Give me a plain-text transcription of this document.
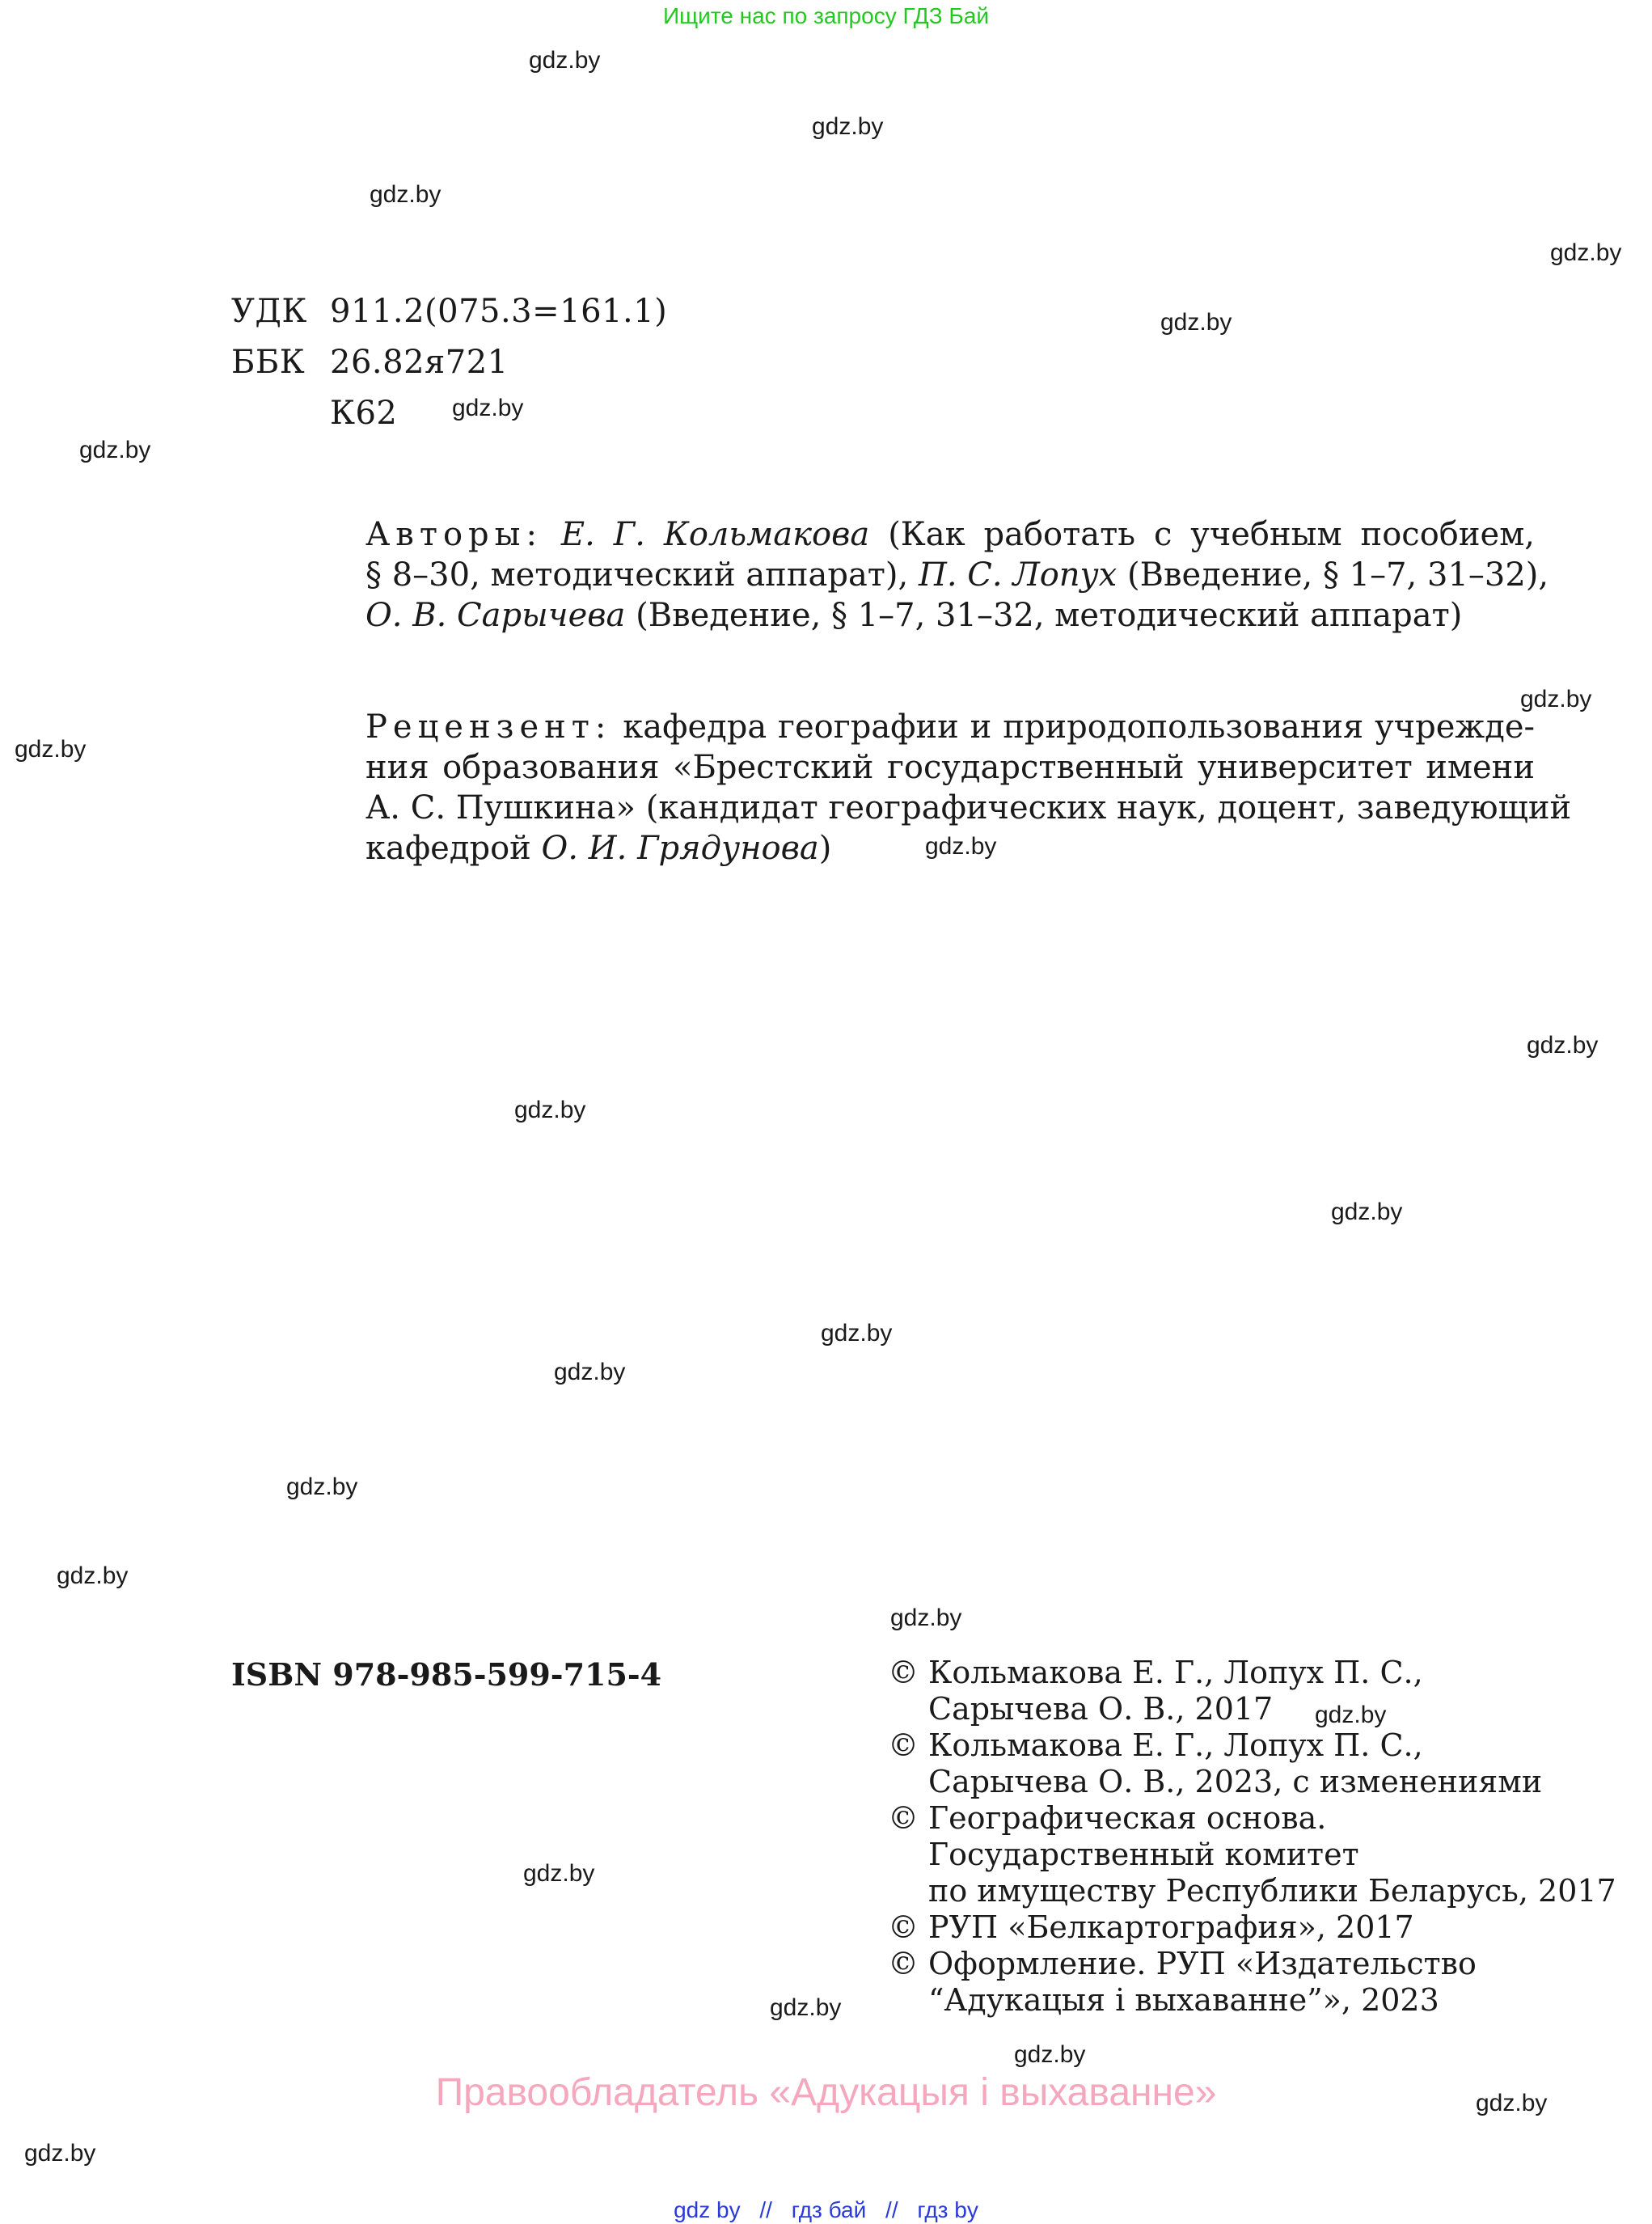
Ищите нас по запросу ГДЗ Бай
gdz.by
gdz.by
gdz.by
gdz.by
gdz.by
gdz.by
gdz.by
gdz.by
gdz.by
gdz.by
gdz.by
gdz.by
gdz.by
gdz.by
gdz.by
gdz.by
gdz.by
gdz.by
gdz.by
gdz.by
gdz.by
gdz.by
gdz.by
gdz.by
УДК 911.2(075.3=161.1)
ББК 26.82я721
К62
Авторы: Е. Г. Кольмакова (Как работать с учебным пособием,
§ 8–30, методический аппарат), П. С. Лопух (Введение, § 1–7, 31–32),
О. В. Сарычева (Введение, § 1–7, 31–32, методический аппарат)
Рецензент: кафедра географии и природопользования учрежде-
ния образования «Брестский государственный университет имени
А. С. Пушкина» (кандидат географических наук, доцент, заведующий
кафедрой О. И. Грядунова)
ISBN 978-985-599-715-4	© Кольмакова Е. Г., Лопух П. С.,
Сарычева О. В., 2017
© Кольмакова Е. Г., Лопух П. С.,
Сарычева О. В., 2023, с изменениями
© Географическая основа.
Государственный комитет
по имуществу Республики Беларусь, 2017
© РУП «Белкартография», 2017
© Оформление. РУП «Издательство
“Адукацыя і выхаванне”», 2023
Правообладатель «Адукацыя і выхаванне»
gdz by // гдз бай // гдз by
